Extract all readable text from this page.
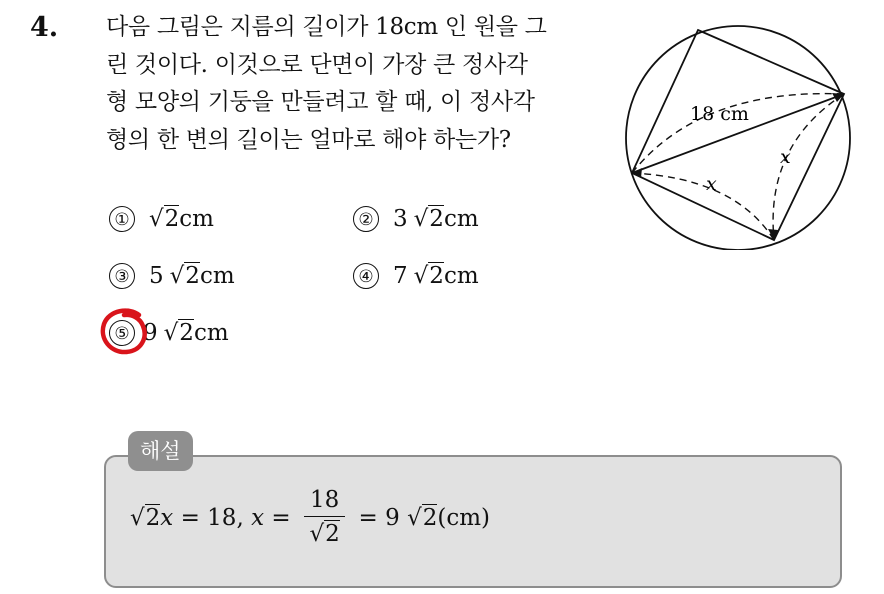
4. 다음 그림은 지름의 길이가 18cm 인 원을 그
린 것이다. 이것으로 단면이 가장 큰 정사각
형 모양의 기둥을 만들려고 할 때, 이 정사각
형의 한 변의 길이는 얼마로 해야 하는가?
18 cm
x
x
① √ 2 cm	② 3 √ 2 cm
③ 5 √ 2 cm	④ 7 √ 2 cm
⑤ 9 √ 2 cm
해설
√ 2 x = 18, $x = \frac{18}{√2} = 9$ √ 2 (cm)
